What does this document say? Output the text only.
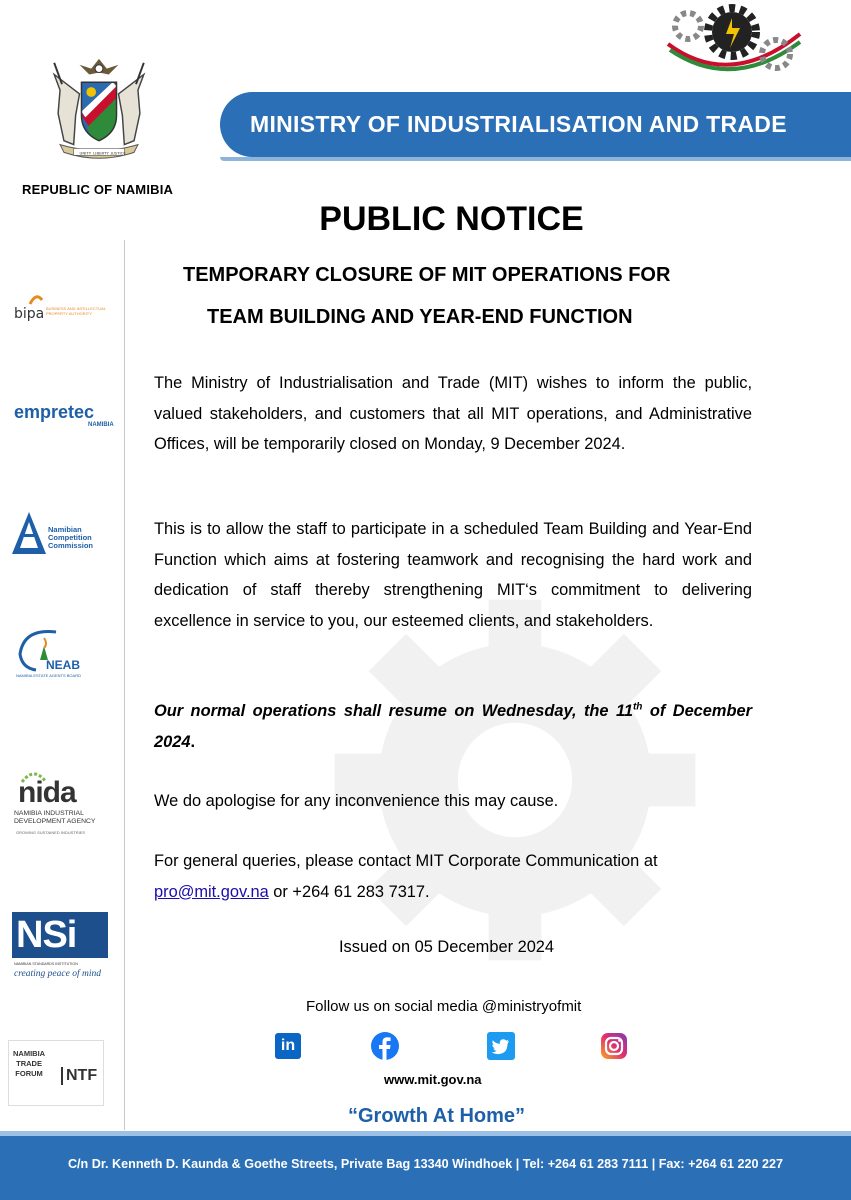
UNITY LIBERTY JUSTICE
REPUBLIC OF NAMIBIA
MINISTRY OF INDUSTRIALISATION AND TRADE
bipa BUSINESS AND INTELLECTUAL PROPERTY AUTHORITY
empretec
NAMIBIA
Namibian
Competition
Commission
NEAB
NAMIBIA ESTATE AGENTS BOARD
nida
NAMIBIA INDUSTRIAL
DEVELOPMENT AGENCY
GROWING SUSTAINED INDUSTRIES
NSi
NAMIBIAN STANDARDS INSTITUTION
creating peace of mind
NAMIBIA
TRADE
FORUM	NTF
PUBLIC NOTICE
TEMPORARY CLOSURE OF MIT OPERATIONS FOR
TEAM BUILDING AND YEAR-END FUNCTION

The Ministry of Industrialisation and Trade (MIT) wishes to inform the public, valued stakeholders, and customers that all MIT operations, and Administrative Offices, will be temporarily closed on Monday, 9 December 2024.

This is to allow the staff to participate in a scheduled Team Building and Year-End Function which aims at fostering teamwork and recognising the hard work and dedication of staff thereby strengthening MIT‘s commitment to delivering excellence in service to you, our esteemed clients, and stakeholders.

Our normal operations shall resume on Wednesday, the 11th of December 2024.

We do apologise for any inconvenience this may cause.

For general queries, please contact MIT Corporate Communication at
pro@mit.gov.na or +264 61 283 7317.

Issued on 05 December 2024
Follow us on social media @ministryofmit
in
www.mit.gov.na
“Growth At Home”
C/n Dr. Kenneth D. Kaunda & Goethe Streets, Private Bag 13340 Windhoek | Tel: +264 61 283 7111 | Fax: +264 61 220 227
